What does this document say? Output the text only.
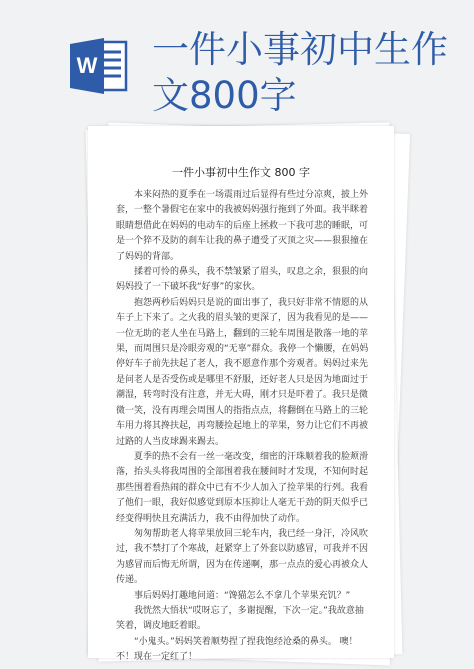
W 一件小事初中生作
文800字
一件小事初中生作文 800 字

本来闷热的夏季在一场震雨过后显得有些过分凉爽，披上外套，一整个暑假宅在家中的我被妈妈强行拖到了外面。我半眯着眼睛想借此在妈妈的电动车的后座上拯救一下我可悲的睡眠，可是一个猝不及防的刹车让我的鼻子遭受了灭顶之灾——狠狠撞在了妈妈的背部。

揉着可怜的鼻头，我不禁皱紧了眉头，叹息之余，狠狠的向妈妈投了一下破坏我“好事”的家伙。

抱怨两秒后妈妈只是说的面出事了，我只好非常不情愿的从车子上下来了。之火我的眉头皱的更深了，因为我看见的是——一位无助的老人坐在马路上，翻到的三轮车周围是散落一地的苹果，而周围只是冷眼旁观的“无辜”群众。我停一个懒腰，在妈妈停好车子前先扶起了老人，我不愿意作那个旁观者。妈妈过来先是问老人是否受伤或是哪里不舒服，还好老人只是因为地面过于潮湿，转弯时没有注意，并无大碍，刚才只是吓着了。我只是微微一笑，没有再理会周围人的指指点点，将翻倒在马路上的三轮车用力将其搀扶起，再弯腰捡起地上的苹果，努力让它们不再被过路的人当皮球踢来踢去。

夏季的热不会有一丝一毫改变，细密的汗珠顺着我的脸颊滑落，抬头头将我周围的全部围着我在腰间时才发现，不知何时起那些围着看热闹的群众中已有不少人加入了捡苹果的行列。我看了他们一眼，我好似感觉到原本压抑让人毫无干劲的阴天似乎已经变得明快且充满活力，我不由得加快了动作。

匆匆帮助老人将苹果放回三轮车内，我已经一身汗，冷风吹过，我不禁打了个寒战，赶紧穿上了外套以防感冒，可我并不因为感冒而后悔无所谓，因为在传递啊，那一点点的爱心再被众人传递。

事后妈妈打趣地问道：“馋猫怎么不拿几个苹果充饥？”

我恍然大悟状“哎呀忘了，多谢提醒，下次一定。”我故意抽笑着，调皮地眨着眼。

“小鬼头。”妈妈笑着顺势捏了捏我饱经沧桑的鼻头。 噢！ 不！现在一定红了！
